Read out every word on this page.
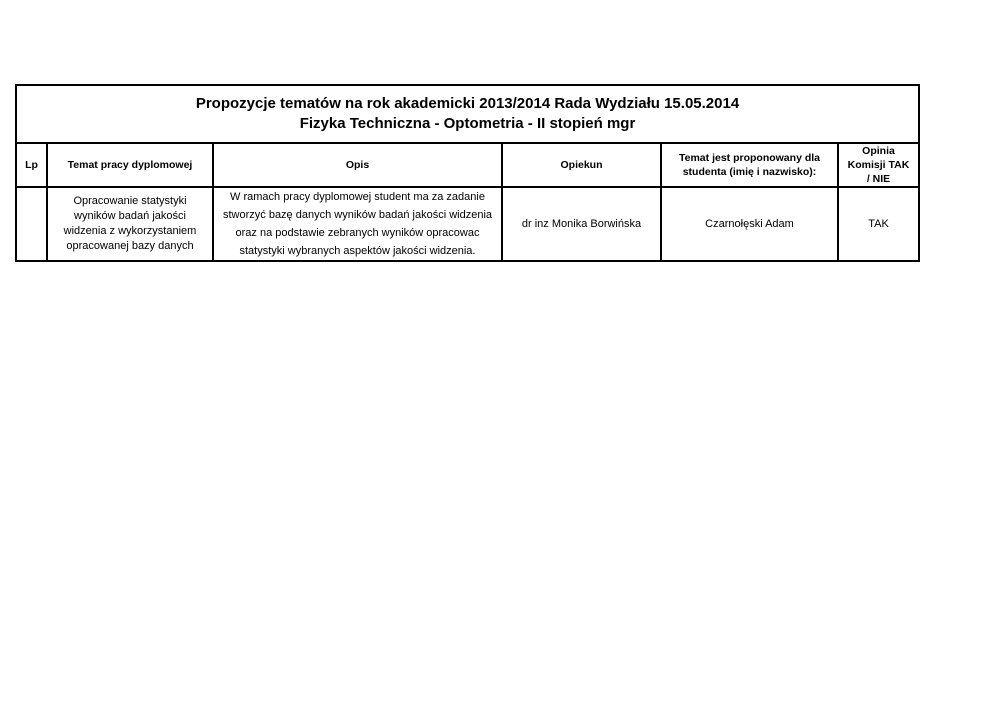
Propozycje tematów na rok akademicki 2013/2014 Rada Wydziału 15.05.2014
Fizyka Techniczna - Optometria - II stopień mgr					

Lp	Temat pracy dyplomowej	Opis	Opiekun	Temat jest proponowany dla studenta (imię i nazwisko):	Opinia Komisji TAK / NIE
	Opracowanie statystyki wyników badań jakości widzenia z wykorzystaniem opracowanej bazy danych	W ramach pracy dyplomowej student ma za zadanie
stworzyć bazę danych wyników badań jakości widzenia
oraz na podstawie zebranych wyników opracowac
statystyki wybranych aspektów jakości widzenia.	dr inz Monika Borwińska	Czarnołęski Adam	TAK
